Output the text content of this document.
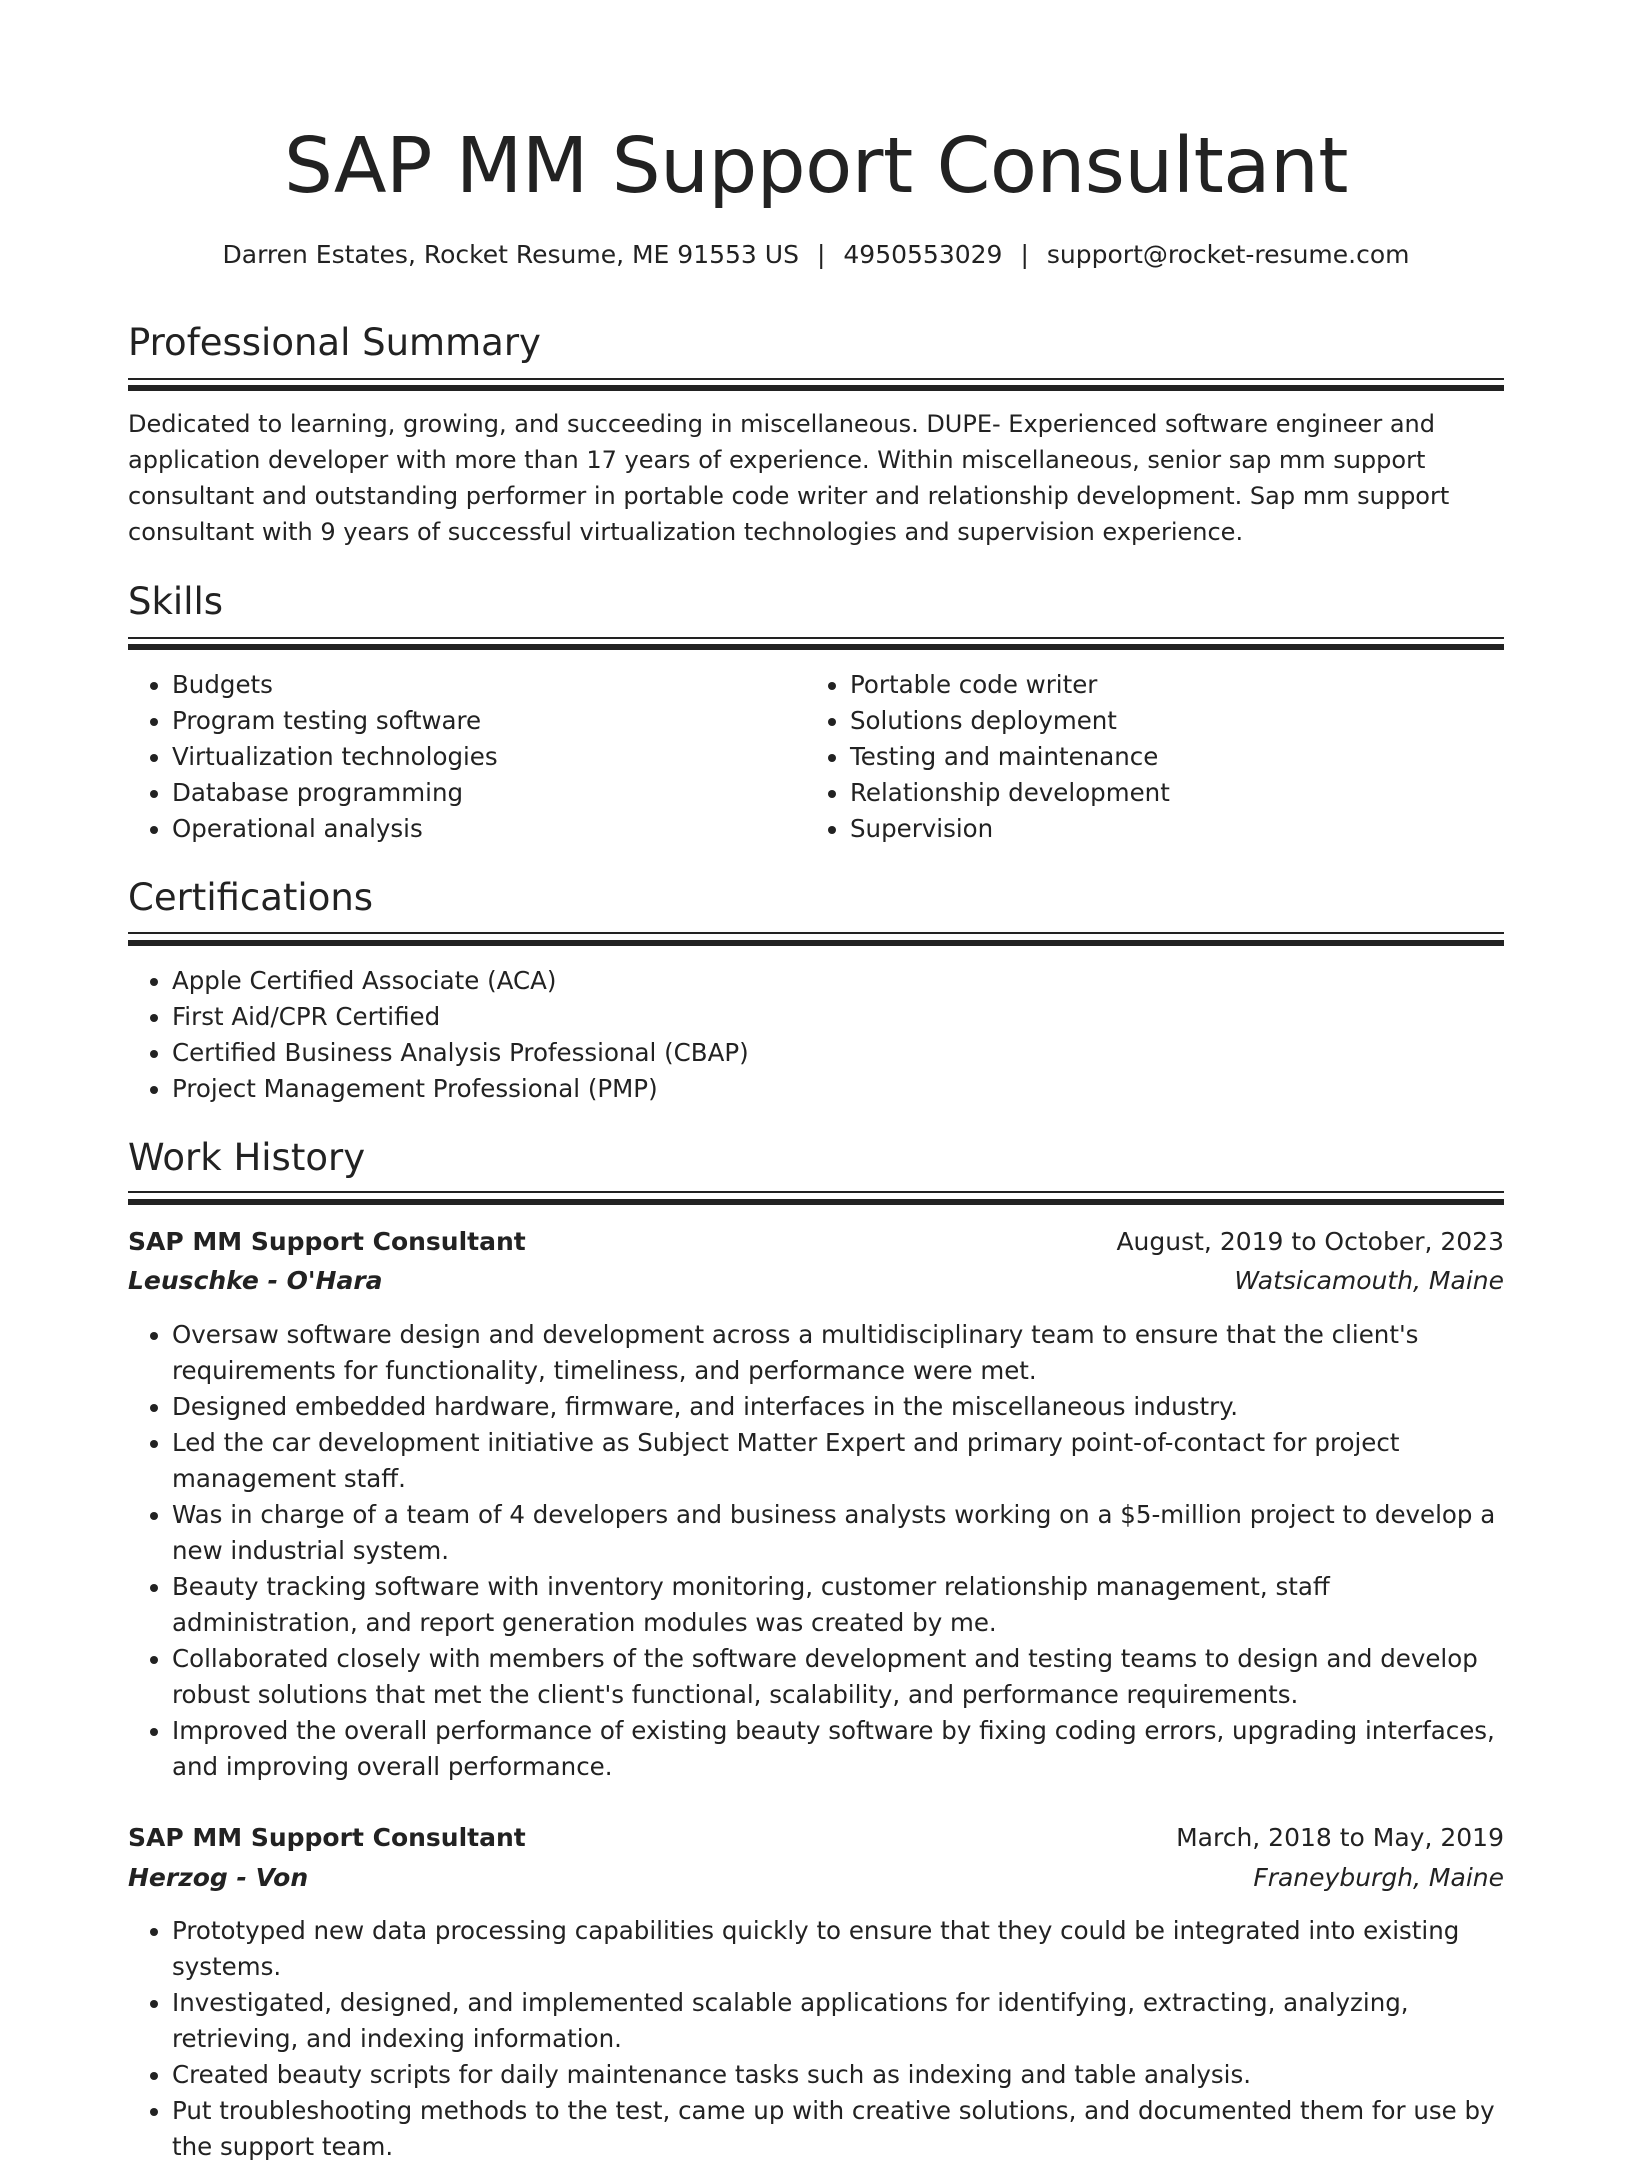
SAP MM Support Consultant
Darren Estates, Rocket Resume, ME 91553 US | 4950553029 | support@rocket-resume.com
Professional Summary

Dedicated to learning, growing, and succeeding in miscellaneous. DUPE- Experienced software engineer and application developer with more than 17 years of experience. Within miscellaneous, senior sap mm support consultant and outstanding performer in portable code writer and relationship development. Sap mm support consultant with 9 years of successful virtualization technologies and supervision experience.

Skills
• Budgets
• Program testing software
• Virtualization technologies
• Database programming
• Operational analysis
• Portable code writer
• Solutions deployment
• Testing and maintenance
• Relationship development
• Supervision
Certifications
• Apple Certified Associate (ACA)
• First Aid/CPR Certified
• Certified Business Analysis Professional (CBAP)
• Project Management Professional (PMP)
Work History
SAP MM Support Consultant	August, 2019 to October, 2023
Leuschke - O'Hara	Watsicamouth, Maine
• Oversaw software design and development across a multidisciplinary team to ensure that the client's requirements for functionality, timeliness, and performance were met.
• Designed embedded hardware, firmware, and interfaces in the miscellaneous industry.
• Led the car development initiative as Subject Matter Expert and primary point-of-contact for project management staff.
• Was in charge of a team of 4 developers and business analysts working on a $5-million project to develop a new industrial system.
• Beauty tracking software with inventory monitoring, customer relationship management, staff administration, and report generation modules was created by me.
• Collaborated closely with members of the software development and testing teams to design and develop robust solutions that met the client's functional, scalability, and performance requirements.
• Improved the overall performance of existing beauty software by fixing coding errors, upgrading interfaces, and improving overall performance.
SAP MM Support Consultant	March, 2018 to May, 2019
Herzog - Von	Franeyburgh, Maine
• Prototyped new data processing capabilities quickly to ensure that they could be integrated into existing systems.
• Investigated, designed, and implemented scalable applications for identifying, extracting, analyzing, retrieving, and indexing information.
• Created beauty scripts for daily maintenance tasks such as indexing and table analysis.
• Put troubleshooting methods to the test, came up with creative solutions, and documented them for use by the support team.
